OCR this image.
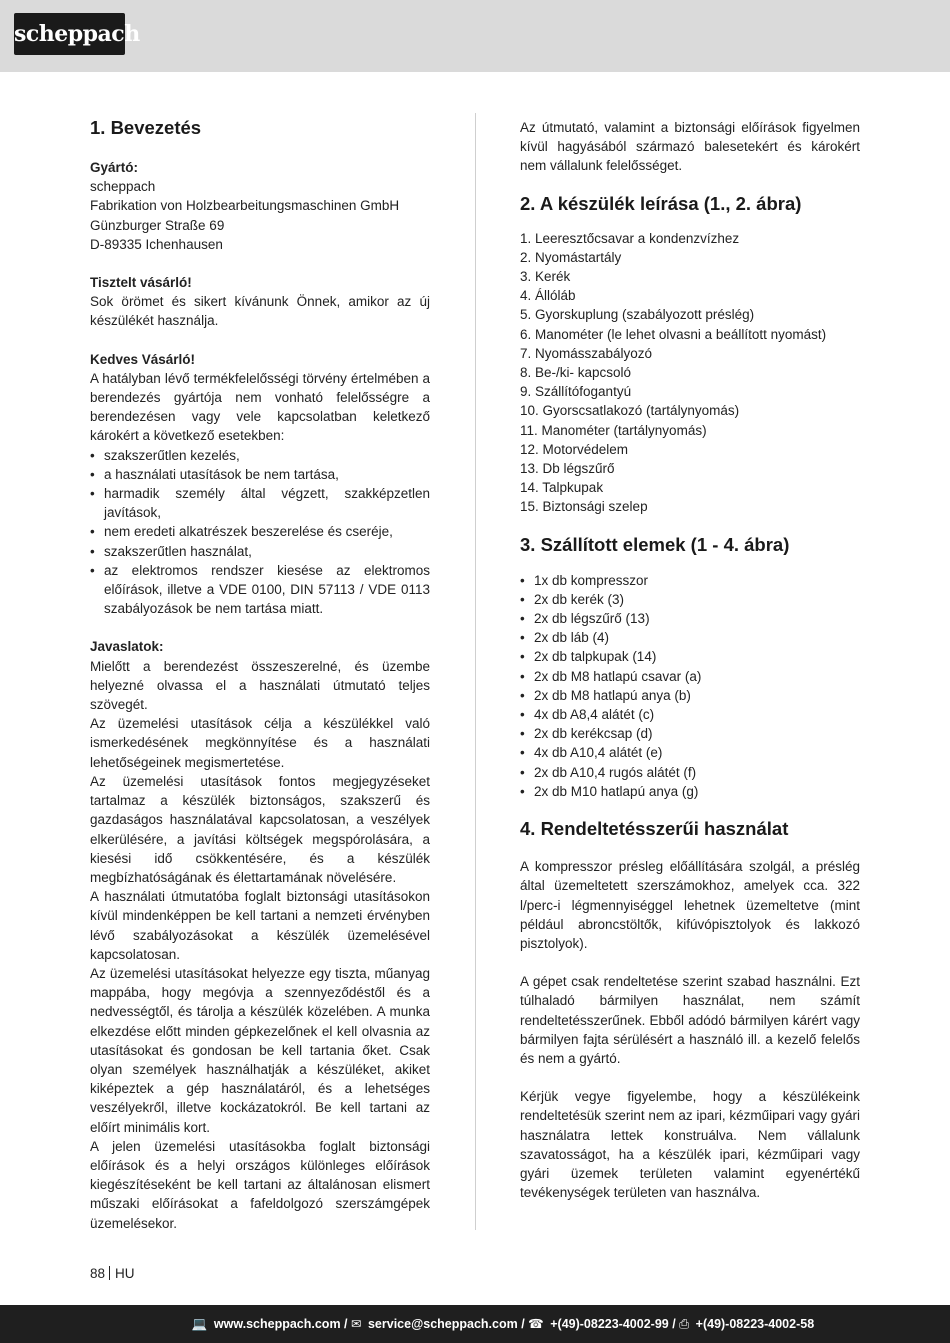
scheppach
1. Bevezetés

Gyártó:

scheppach

Fabrikation von Holzbearbeitungsmaschinen GmbH

Günzburger Straße 69

D-89335 Ichenhausen

Tisztelt vásárló!

Sok örömet és sikert kívánunk Önnek, amikor az új készülékét használja.

Kedves Vásárló!

A hatályban lévő termékfelelősségi törvény értelmében a berendezés gyártója nem vonható felelősségre a berendezésen vagy vele kapcsolatban keletkező károkért a következő esetekben:

• szakszerűtlen kezelés,
• a használati utasítások be nem tartása,
• harmadik személy által végzett, szakképzetlen javítások,
• nem eredeti alkatrészek beszerelése és cseréje,
• szakszerűtlen használat,
• az elektromos rendszer kiesése az elektromos előírások, illetve a VDE 0100, DIN 57113 / VDE 0113 szabályozások be nem tartása miatt.

Javaslatok:

Mielőtt a berendezést összeszerelné, és üzembe helyezné olvassa el a használati útmutató teljes szövegét.

Az üzemelési utasítások célja a készülékkel való ismerkedésének megkönnyítése és a használati lehetőségeinek megismertetése.

Az üzemelési utasítások fontos megjegyzéseket tartalmaz a készülék biztonságos, szakszerű és gazdaságos használatával kapcsolatosan, a veszélyek elkerülésére, a javítási költségek megspórolására, a kiesési idő csökkentésére, és a készülék megbízhatóságának és élettartamának növelésére.

A használati útmutatóba foglalt biztonsági utasításokon kívül mindenképpen be kell tartani a nemzeti érvényben lévő szabályozásokat a készülék üzemelésével kapcsolatosan.

Az üzemelési utasításokat helyezze egy tiszta, műanyag mappába, hogy megóvja a szennyeződéstől és a nedvességtől, és tárolja a készülék közelében. A munka elkezdése előtt minden gépkezelőnek el kell olvasnia az utasításokat és gondosan be kell tartania őket. Csak olyan személyek használhatják a készüléket, akiket kiképeztek a gép használatáról, és a lehetséges veszélyekről, illetve kockázatokról. Be kell tartani az előírt minimális kort.

A jelen üzemelési utasításokba foglalt biztonsági előírások és a helyi országos különleges előírások kiegészítéseként be kell tartani az általánosan elismert műszaki előírásokat a fafeldolgozó szerszámgépek üzemelésekor.

Az útmutató, valamint a biztonsági előírások figyelmen kívül hagyásából származó balesetekért és károkért nem vállalunk felelősséget.

2. A készülék leírása (1., 2. ábra)
1. Leeresztőcsavar a kondenzvízhez
2. Nyomástartály
3. Kerék
4. Állóláb
5. Gyorskuplung (szabályozott préslég)
6. Manométer (le lehet olvasni a beállított nyomást)
7. Nyomásszabályozó
8. Be-/ki- kapcsoló
9. Szállítófogantyú
10. Gyorscsatlakozó (tartálynyomás)
11. Manométer (tartálynyomás)
12. Motorvédelem
13. Db légszűrő
14. Talpkupak
15. Biztonsági szelep
3. Szállított elemek (1 - 4. ábra)
• 1x db kompresszor
• 2x db kerék (3)
• 2x db légszűrő (13)
• 2x db láb (4)
• 2x db talpkupak (14)
• 2x db M8 hatlapú csavar (a)
• 2x db M8 hatlapú anya (b)
• 4x db A8,4 alátét (c)
• 2x db kerékcsap (d)
• 4x db A10,4 alátét (e)
• 2x db A10,4 rugós alátét (f)
• 2x db M10 hatlapú anya (g)
4. Rendeltetésszerűi használat

A kompresszor présleg előállítására szolgál, a préslég által üzemeltetett szerszámokhoz, amelyek cca. 322 l/perc-i légmennyiséggel lehetnek üzemeltetve (mint például abroncstöltők, kifúvópisztolyok és lakkozó pisztolyok).

A gépet csak rendeltetése szerint szabad használni. Ezt túlhaladó bármilyen használat, nem számít rendeltetésszerűnek. Ebből adódó bármilyen kárért vagy bármilyen fajta sérülésért a használó ill. a kezelő felelős és nem a gyártó.

Kérjük vegye figyelembe, hogy a készülékeink rendeltetésük szerint nem az ipari, kézműipari vagy gyári használatra lettek konstruálva. Nem vállalunk szavatosságot, ha a készülék ipari, kézműipari vagy gyári üzemek területen valamint egyenértékű tevékenységek területen van használva.

88 HU
💻 www.scheppach.com / ✉ service@scheppach.com / ☎ +(49)-08223-4002-99 / ⎙ +(49)-08223-4002-58
